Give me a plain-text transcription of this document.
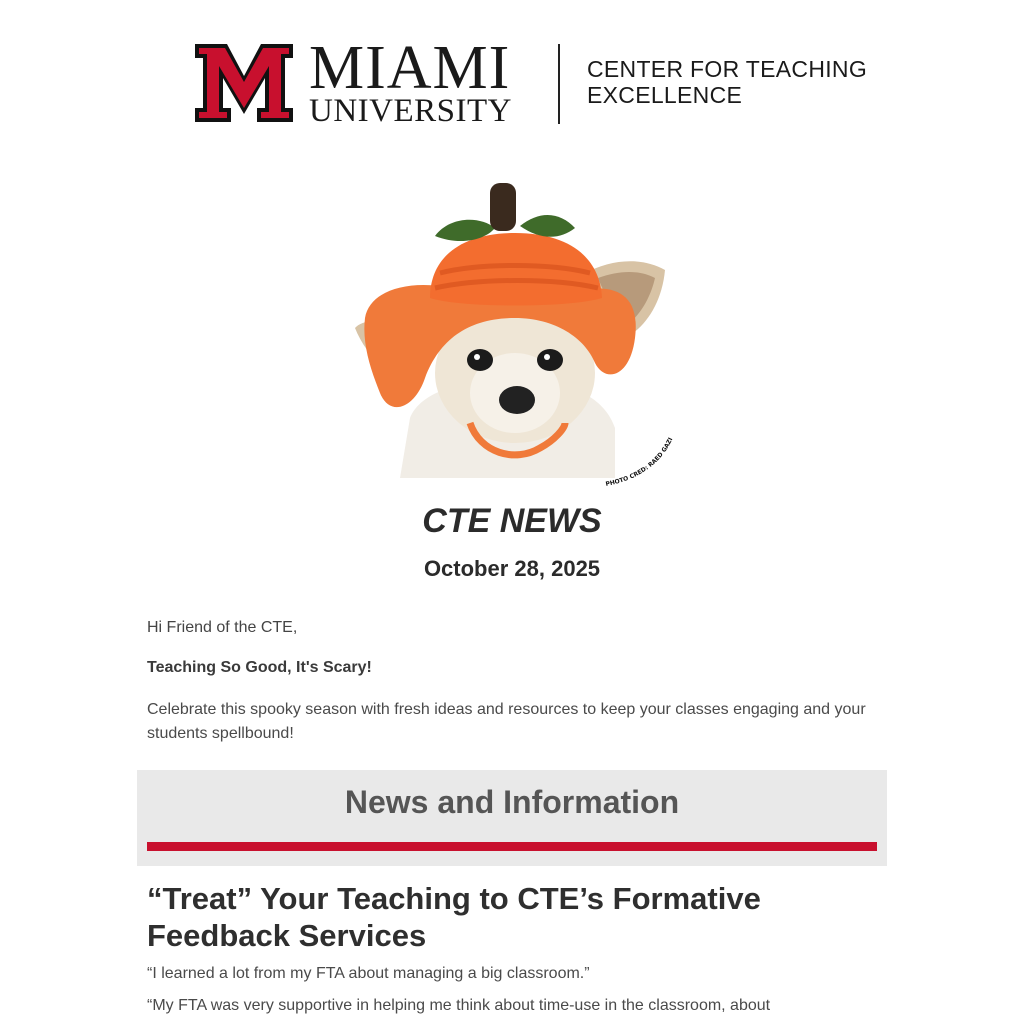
MIAMI
UNIVERSITY
CENTER FOR TEACHING
EXCELLENCE
PHOTO CRED: RAED GAZI
CTE NEWS
October 28, 2025
Hi Friend of the CTE,
Teaching So Good, It's Scary!
Celebrate this spooky season with fresh ideas and resources to keep your classes engaging and your students spellbound!
News and Information
“Treat” Your Teaching to CTE’s Formative Feedback Services
“I learned a lot from my FTA about managing a big classroom.”
“My FTA was very supportive in helping me think about time-use in the classroom, about
